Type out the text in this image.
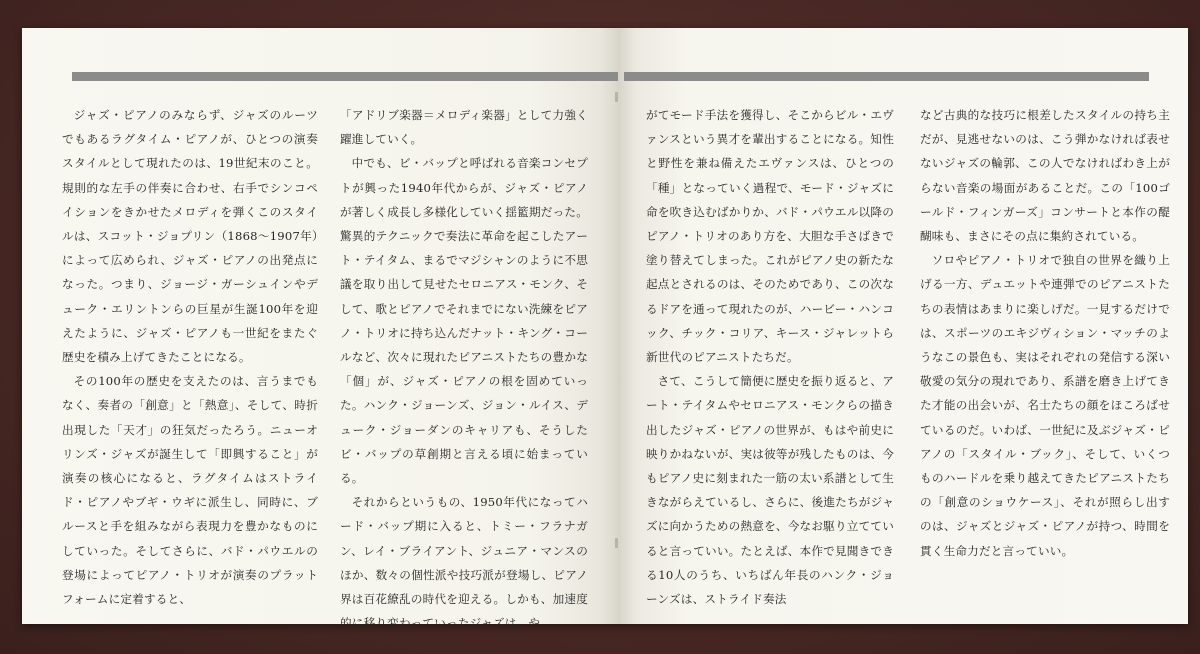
ジャズ・ピアノのみならず、ジャズのルーツでもあるラグタイム・ピアノが、ひとつの演奏スタイルとして現れたのは、19世紀末のこと。規則的な左手の伴奏に合わせ、右手でシンコペイションをきかせたメロディを弾くこのスタイルは、スコット・ジョプリン（1868～1907年）によって広められ、ジャズ・ピアノの出発点になった。つまり、ジョージ・ガーシュインやデューク・エリントンらの巨星が生誕100年を迎えたように、ジャズ・ピアノも一世紀をまたぐ歴史を積み上げてきたことになる。

その100年の歴史を支えたのは、言うまでもなく、奏者の「創意」と「熱意」、そして、時折出現した「天才」の狂気だったろう。ニューオリンズ・ジャズが誕生して「即興すること」が演奏の核心になると、ラグタイムはストライド・ピアノやブギ・ウギに派生し、同時に、ブルースと手を組みながら表現力を豊かなものにしていった。そしてさらに、バド・パウエルの登場によってピアノ・トリオが演奏のプラットフォームに定着すると、

「アドリブ楽器＝メロディ楽器」として力強く躍進していく。

中でも、ビ・バップと呼ばれる音楽コンセプトが興った1940年代からが、ジャズ・ピアノが著しく成長し多様化していく揺籃期だった。驚異的テクニックで奏法に革命を起こしたアート・テイタム、まるでマジシャンのように不思議を取り出して見せたセロニアス・モンク、そして、歌とピアノでそれまでにない洗練をピアノ・トリオに持ち込んだナット・キング・コールなど、次々に現れたピアニストたちの豊かな「個」が、ジャズ・ピアノの根を固めていった。ハンク・ジョーンズ、ジョン・ルイス、デューク・ジョーダンのキャリアも、そうしたビ・バップの草創期と言える頃に始まっている。

それからというもの、1950年代になってハード・バップ期に入ると、トミー・フラナガン、レイ・ブライアント、ジュニア・マンスのほか、数々の個性派や技巧派が登場し、ピアノ界は百花繚乱の時代を迎える。しかも、加速度的に移り変わっていったジャズは、や

がてモード手法を獲得し、そこからビル・エヴァンスという異才を輩出することになる。知性と野性を兼ね備えたエヴァンスは、ひとつの「種」となっていく過程で、モード・ジャズに命を吹き込むばかりか、バド・パウエル以降のピアノ・トリオのあり方を、大胆な手さばきで塗り替えてしまった。これがピアノ史の新たな起点とされるのは、そのためであり、この次なるドアを通って現れたのが、ハービー・ハンコック、チック・コリア、キース・ジャレットら新世代のピアニストたちだ。

さて、こうして簡便に歴史を振り返ると、アート・テイタムやセロニアス・モンクらの描き出したジャズ・ピアノの世界が、もはや前史に映りかねないが、実は彼等が残したものは、今もピアノ史に刻まれた一筋の太い系譜として生きながらえているし、さらに、後進たちがジャズに向かうための熱意を、今なお駆り立てていると言っていい。たとえば、本作で見聞きできる10人のうち、いちばん年長のハンク・ジョーンズは、ストライド奏法

など古典的な技巧に根差したスタイルの持ち主だが、見逃せないのは、こう弾かなければ表せないジャズの輪郭、この人でなければわき上がらない音楽の場面があることだ。この「100ゴールド・フィンガーズ」コンサートと本作の醍醐味も、まさにその点に集約されている。

ソロやピアノ・トリオで独自の世界を織り上げる一方、デュエットや連弾でのピアニストたちの表情はあまりに楽しげだ。一見するだけでは、スポーツのエキジヴィション・マッチのようなこの景色も、実はそれぞれの発信する深い敬愛の気分の現れであり、系譜を磨き上げてきた才能の出会いが、名士たちの顔をほころばせているのだ。いわば、一世紀に及ぶジャズ・ピアノの「スタイル・ブック」、そして、いくつものハードルを乗り越えてきたピアニストたちの「創意のショウケース」、それが照らし出すのは、ジャズとジャズ・ピアノが持つ、時間を貫く生命力だと言っていい。
